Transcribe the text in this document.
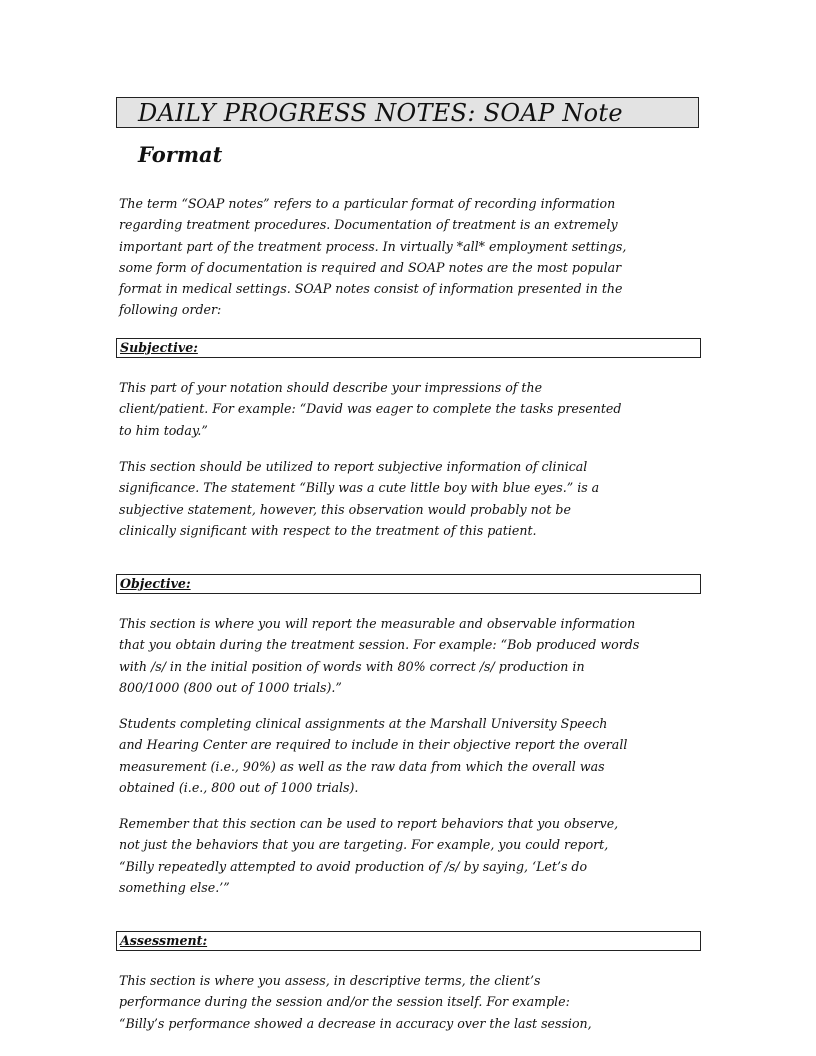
DAILY PROGRESS NOTES: SOAP Note
Format
The term “SOAP notes” refers to a particular format of recording information
regarding treatment procedures. Documentation of treatment is an extremely
important part of the treatment process. In virtually *all* employment settings,
some form of documentation is required and SOAP notes are the most popular
format in medical settings. SOAP notes consist of information presented in the
following order:
Subjective:
This part of your notation should describe your impressions of the
client/patient. For example: “David was eager to complete the tasks presented
to him today.”
This section should be utilized to report subjective information of clinical
significance. The statement “Billy was a cute little boy with blue eyes.” is a
subjective statement, however, this observation would probably not be
clinically significant with respect to the treatment of this patient.
Objective:
This section is where you will report the measurable and observable information
that you obtain during the treatment session. For example: “Bob produced words
with /s/ in the initial position of words with 80% correct /s/ production in
800/1000 (800 out of 1000 trials).”
Students completing clinical assignments at the Marshall University Speech
and Hearing Center are required to include in their objective report the overall
measurement (i.e., 90%) as well as the raw data from which the overall was
obtained (i.e., 800 out of 1000 trials).
Remember that this section can be used to report behaviors that you observe,
not just the behaviors that you are targeting. For example, you could report,
“Billy repeatedly attempted to avoid production of /s/ by saying, ‘Let’s do
something else.’”
Assessment:
This section is where you assess, in descriptive terms, the client’s
performance during the session and/or the session itself. For example:
“Billy’s performance showed a decrease in accuracy over the last session,
